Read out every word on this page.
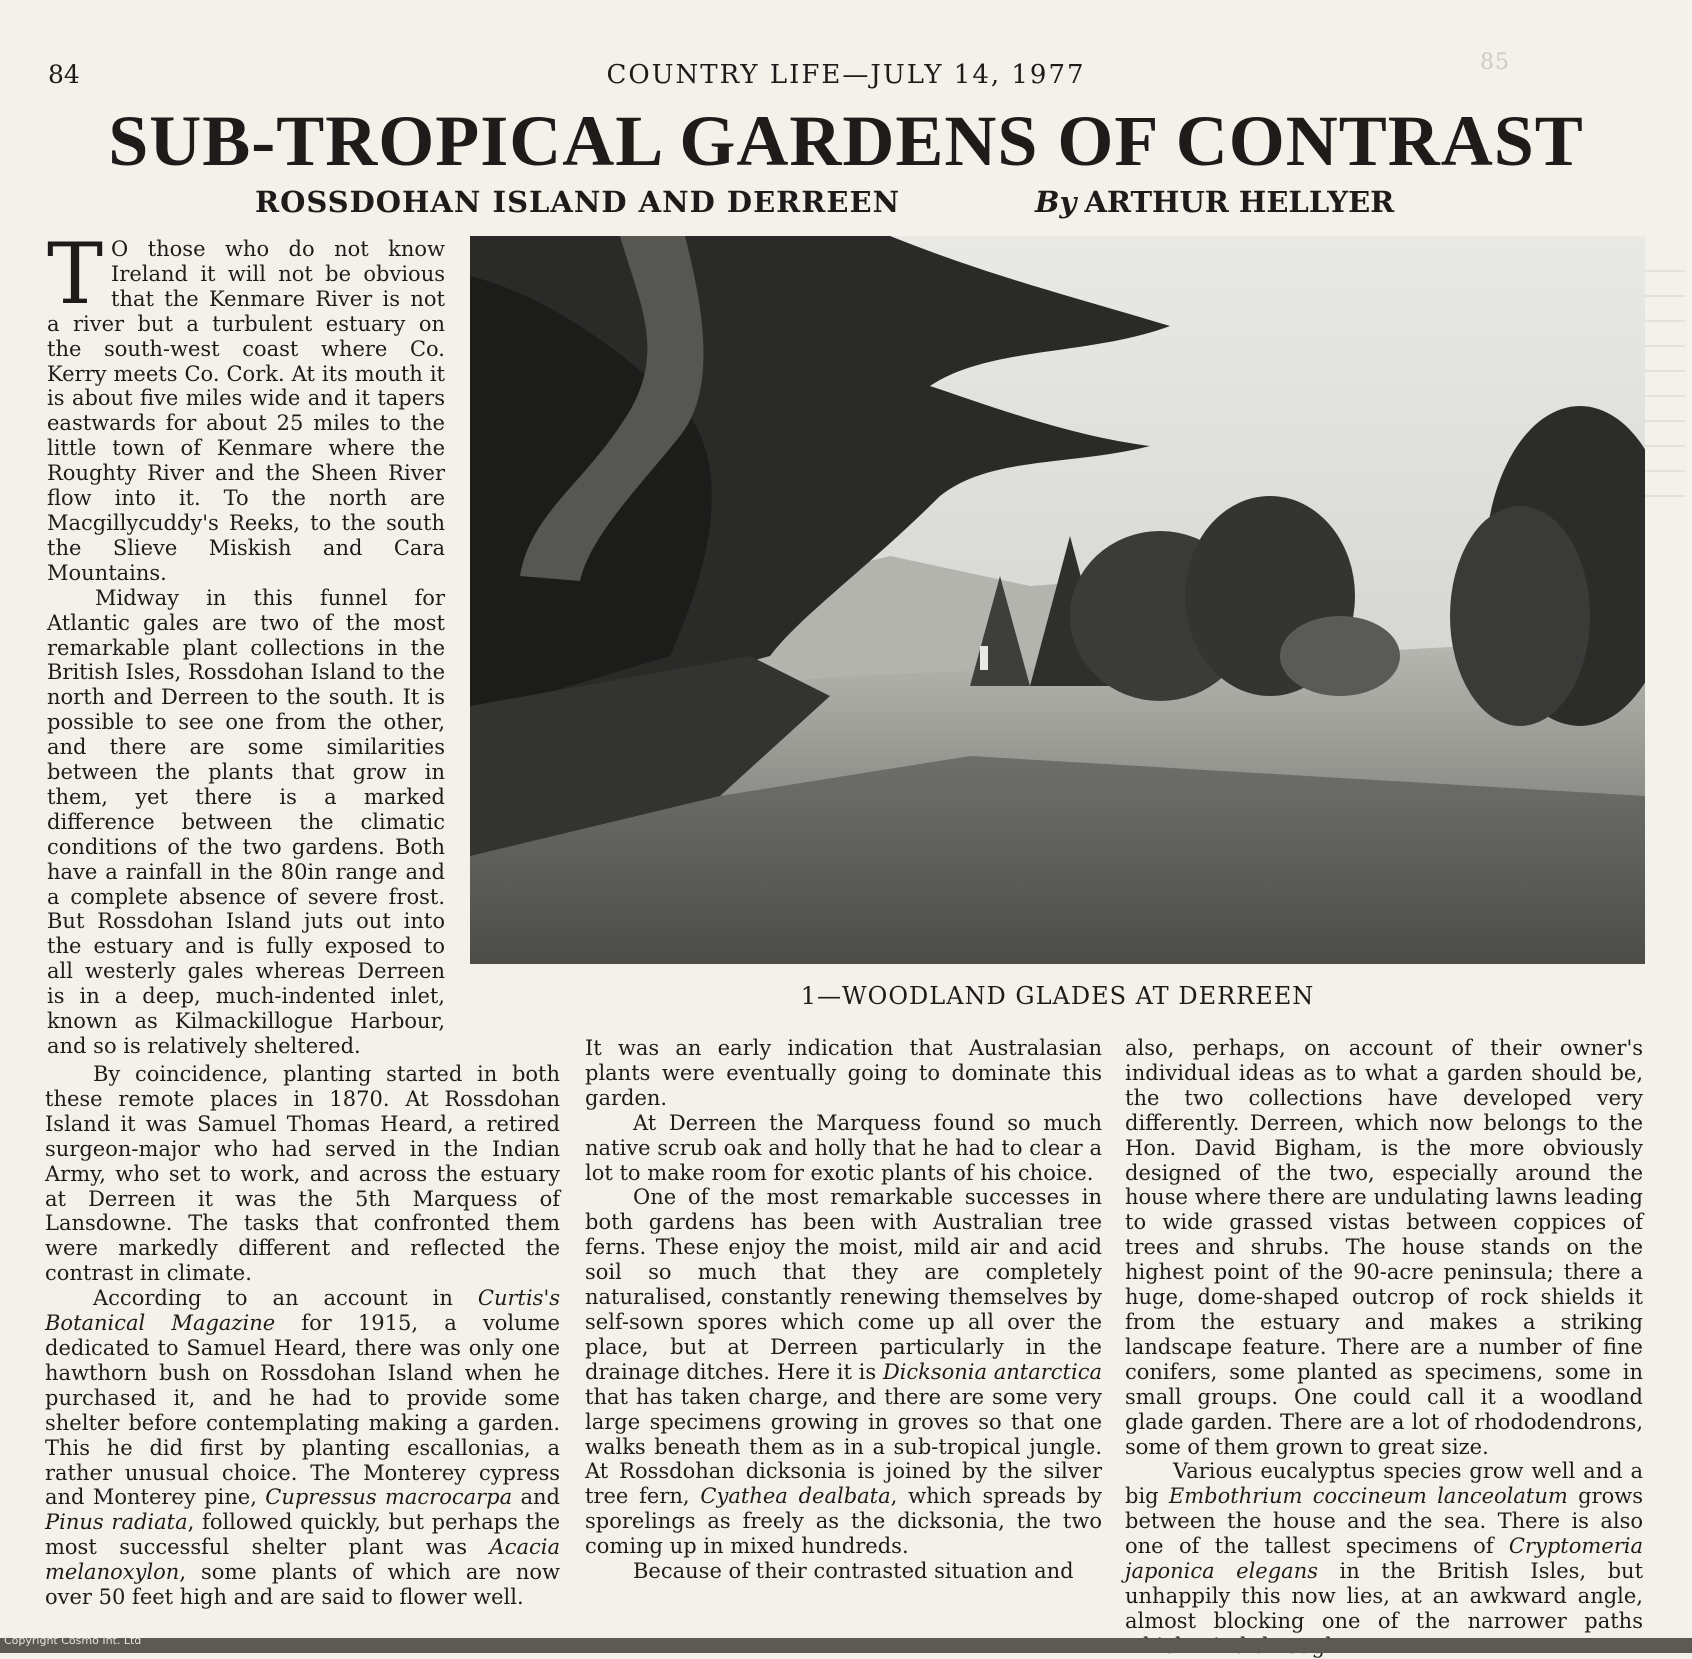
84	COUNTRY LIFE—JULY 14, 1977	85
SUB-TROPICAL GARDENS OF CONTRAST
ROSSDOHAN ISLAND AND DERREEN	By ARTHUR HELLYER
1—WOODLAND GLADES AT DERREEN

T O those who do not know Ireland it will not be obvious that the Kenmare River is not a river but a turbulent estuary on the south-west coast where Co. Kerry meets Co. Cork. At its mouth it is about five miles wide and it tapers eastwards for about 25 miles to the little town of Kenmare where the Roughty River and the Sheen River flow into it. To the north are Macgillycuddy's Reeks, to the south the Slieve Miskish and Cara Mountains.

Midway in this funnel for Atlantic gales are two of the most remarkable plant collections in the British Isles, Rossdohan Island to the north and Derreen to the south. It is possible to see one from the other, and there are some similarities between the plants that grow in them, yet there is a marked difference between the climatic conditions of the two gardens. Both have a rainfall in the 80in range and a complete absence of severe frost. But Rossdohan Island juts out into the estuary and is fully exposed to all westerly gales whereas Derreen is in a deep, much-indented inlet, known as Kilmackillogue Harbour, and so is relatively sheltered.

By coincidence, planting started in both these remote places in 1870. At Rossdohan Island it was Samuel Thomas Heard, a retired surgeon-major who had served in the Indian Army, who set to work, and across the estuary at Derreen it was the 5th Marquess of Lansdowne. The tasks that confronted them were markedly different and reflected the contrast in climate.

According to an account in Curtis's Botanical Magazine for 1915, a volume dedicated to Samuel Heard, there was only one hawthorn bush on Rossdohan Island when he purchased it, and he had to provide some shelter before contemplating making a garden. This he did first by planting escallonias, a rather unusual choice. The Monterey cypress and Monterey pine, Cupressus macrocarpa and Pinus radiata, followed quickly, but perhaps the most successful shelter plant was Acacia melanoxylon, some plants of which are now over 50 feet high and are said to flower well.

It was an early indication that Australasian plants were eventually going to dominate this garden.

At Derreen the Marquess found so much native scrub oak and holly that he had to clear a lot to make room for exotic plants of his choice.

One of the most remarkable successes in both gardens has been with Australian tree ferns. These enjoy the moist, mild air and acid soil so much that they are completely naturalised, constantly renewing themselves by self-sown spores which come up all over the place, but at Derreen particularly in the drainage ditches. Here it is Dicksonia antarctica that has taken charge, and there are some very large specimens growing in groves so that one walks beneath them as in a sub-tropical jungle. At Rossdohan dicksonia is joined by the silver tree fern, Cyathea dealbata, which spreads by sporelings as freely as the dicksonia, the two coming up in mixed hundreds.

Because of their contrasted situation and

also, perhaps, on account of their owner's individual ideas as to what a garden should be, the two collections have developed very differently. Derreen, which now belongs to the Hon. David Bigham, is the more obviously designed of the two, especially around the house where there are undulating lawns leading to wide grassed vistas between coppices of trees and shrubs. The house stands on the highest point of the 90-acre peninsula; there a huge, dome-shaped outcrop of rock shields it from the estuary and makes a striking landscape feature. There are a number of fine conifers, some planted as specimens, some in small groups. One could call it a woodland glade garden. There are a lot of rhododendrons, some of them grown to great size.

Various eucalyptus species grow well and a big Embothrium coccineum lanceolatum grows between the house and the sea. There is also one of the tallest specimens of Cryptomeria japonica elegans in the British Isles, but unhappily this now lies, at an awkward angle, almost blocking one of the narrower paths

Copyright Cosmo Int. Ltd
